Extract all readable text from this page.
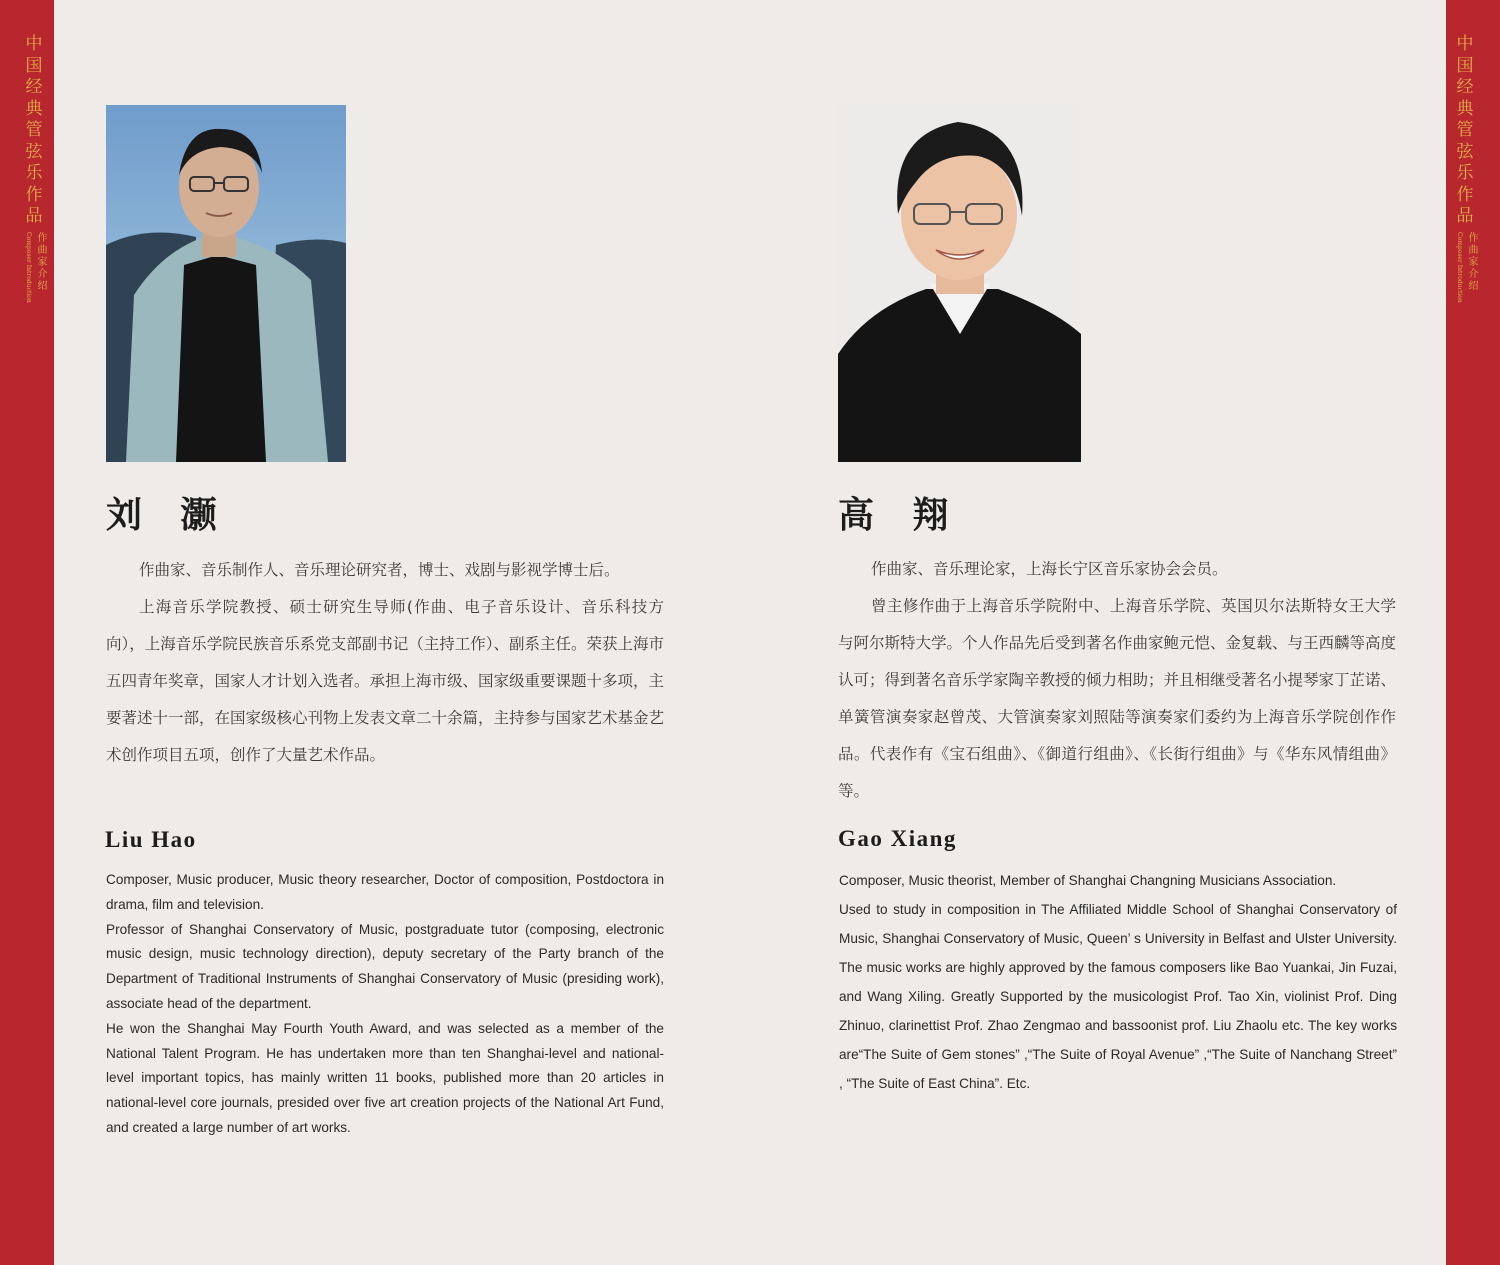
中国经典管弦乐作品
作曲家介绍
Composer Introduction
中国经典管弦乐作品
作曲家介绍
Composer Introduction
刘 灏

作曲家、音乐制作人、音乐理论研究者，博士、戏剧与影视学博士后。

上海音乐学院教授、硕士研究生导师(作曲、电子音乐设计、音乐科技方向），上海音乐学院民族音乐系党支部副书记（主持工作）、副系主任。荣获上海市五四青年奖章，国家人才计划入选者。承担上海市级、国家级重要课题十多项，主要著述十一部，在国家级核心刊物上发表文章二十余篇，主持参与国家艺术基金艺术创作项目五项，创作了大量艺术作品。

Liu Hao

Composer, Music producer, Music theory researcher, Doctor of composition, Postdoctora in drama, film and television.

Professor of Shanghai Conservatory of Music, postgraduate tutor (composing, electronic music design, music technology direction), deputy secretary of the Party branch of the Department of Traditional Instruments of Shanghai Conservatory of Music (presiding work), associate head of the department.

He won the Shanghai May Fourth Youth Award, and was selected as a member of the National Talent Program. He has undertaken more than ten Shanghai-level and national-level important topics, has mainly written 11 books, published more than 20 articles in national-level core journals, presided over five art creation projects of the National Art Fund, and created a large number of art works.

高 翔

作曲家、音乐理论家，上海长宁区音乐家协会会员。

曾主修作曲于上海音乐学院附中、上海音乐学院、英国贝尔法斯特女王大学与阿尔斯特大学。个人作品先后受到著名作曲家鲍元恺、金复载、与王西麟等高度认可；得到著名音乐学家陶辛教授的倾力相助；并且相继受著名小提琴家丁芷诺、单簧管演奏家赵曾茂、大管演奏家刘照陆等演奏家们委约为上海音乐学院创作作品。代表作有《宝石组曲》、《御道行组曲》、《长街行组曲》与《华东风情组曲》等。

Gao Xiang

Composer, Music theorist, Member of Shanghai Changning Musicians Association.

Used to study in composition in The Affiliated Middle School of Shanghai Conservatory of Music, Shanghai Conservatory of Music, Queen’ s University in Belfast and Ulster University. The music works are highly approved by the famous composers like Bao Yuankai, Jin Fuzai, and Wang Xiling. Greatly Supported by the musicologist Prof. Tao Xin, violinist Prof. Ding Zhinuo, clarinettist Prof. Zhao Zengmao and bassoonist prof. Liu Zhaolu etc. The key works are“The Suite of Gem stones” ,“The Suite of Royal Avenue” ,“The Suite of Nanchang Street” , “The Suite of East China”. Etc.
